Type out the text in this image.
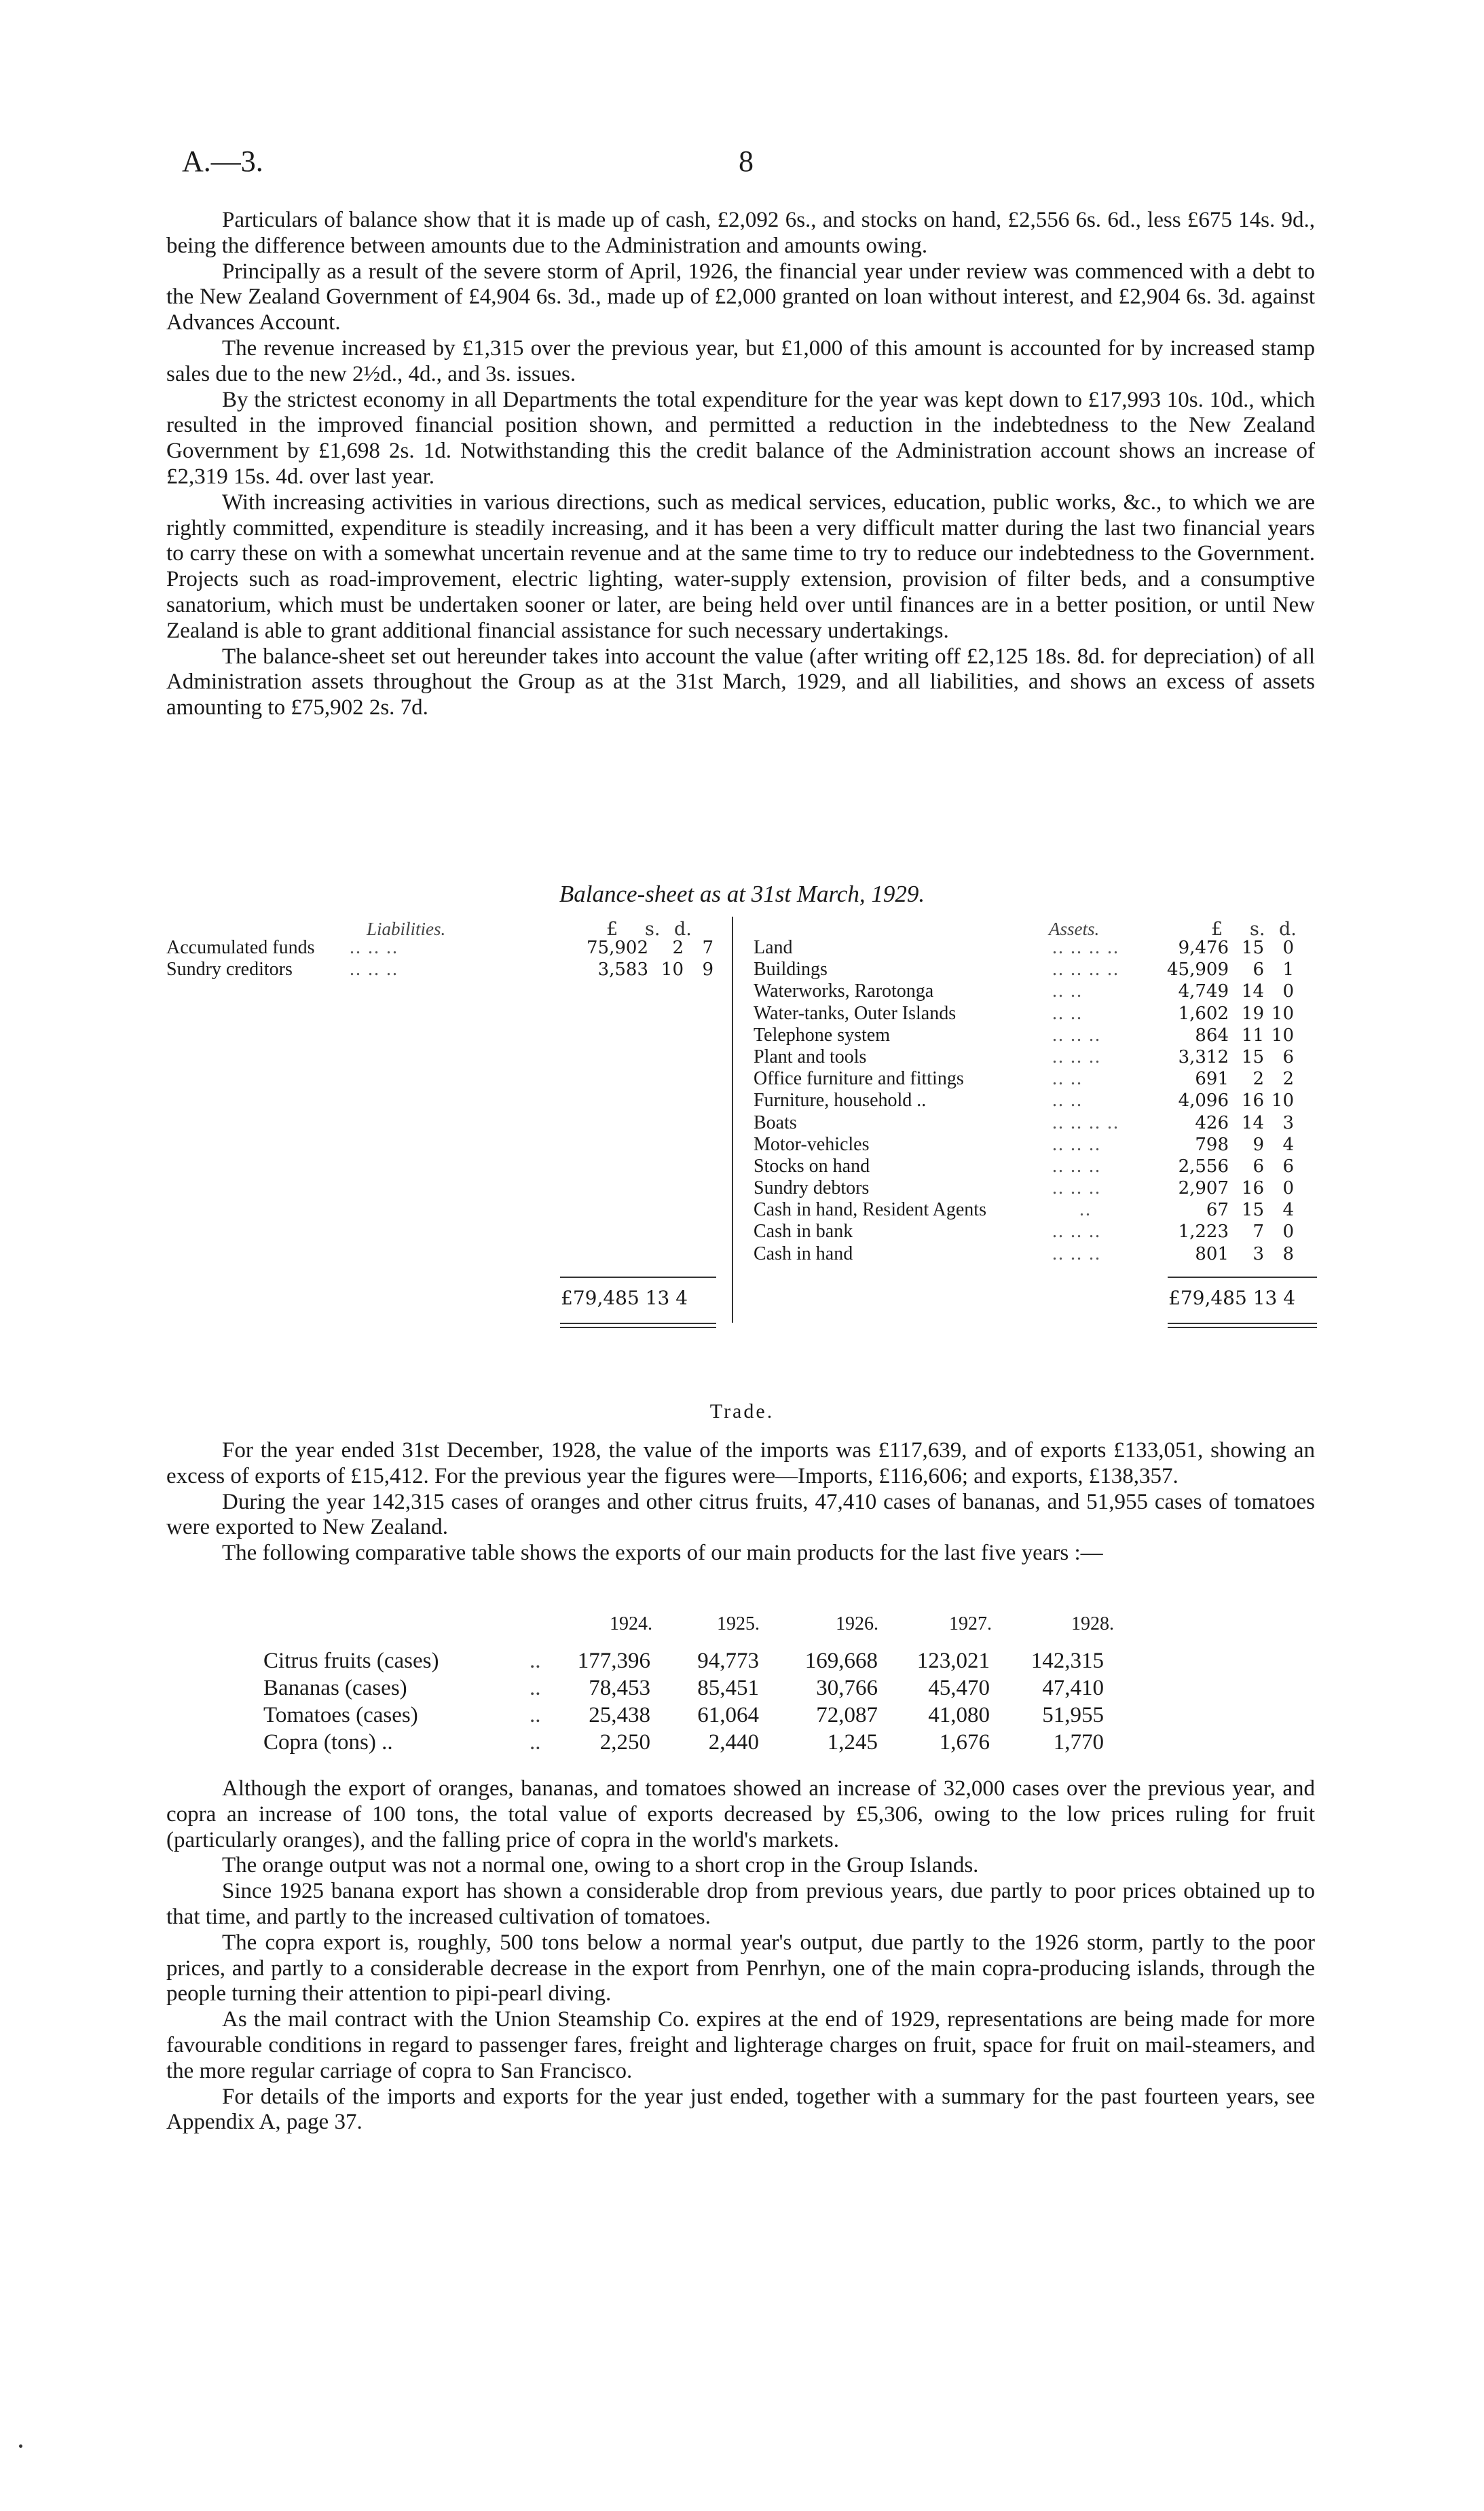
A.—3.	8

Particulars of balance show that it is made up of cash, £2,092 6s., and stocks on hand, £2,556 6s. 6d., less £675 14s. 9d., being the difference between amounts due to the Administration and amounts owing.

Principally as a result of the severe storm of April, 1926, the financial year under review was commenced with a debt to the New Zealand Government of £4,904 6s. 3d., made up of £2,000 granted on loan without interest, and £2,904 6s. 3d. against Advances Account.

The revenue increased by £1,315 over the previous year, but £1,000 of this amount is accounted for by increased stamp sales due to the new 2½d., 4d., and 3s. issues.

By the strictest economy in all Departments the total expenditure for the year was kept down to £17,993 10s. 10d., which resulted in the improved financial position shown, and permitted a reduction in the indebtedness to the New Zealand Government by £1,698 2s. 1d. Notwithstanding this the credit balance of the Administration account shows an increase of £2,319 15s. 4d. over last year.

With increasing activities in various directions, such as medical services, education, public works, &c., to which we are rightly committed, expenditure is steadily increasing, and it has been a very difficult matter during the last two financial years to carry these on with a somewhat uncertain revenue and at the same time to try to reduce our indebtedness to the Government. Projects such as road-improvement, electric lighting, water-supply extension, provision of filter beds, and a consumptive sanatorium, which must be undertaken sooner or later, are being held over until finances are in a better position, or until New Zealand is able to grant additional financial assistance for such necessary undertakings.

The balance-sheet set out hereunder takes into account the value (after writing off £2,125 18s. 8d. for depreciation) of all Administration assets throughout the Group as at the 31st March, 1929, and all liabilities, and shows an excess of assets amounting to £75,902 2s. 7d.

Balance-sheet as at 31st March, 1929.
Liabilities.	Assets.
£ s. d.	£ s. d.
Accumulated funds .. .. ..	75,902	2	7
Sundry creditors	.. .. ..	3,583 10	9
Land	.. .. .. ..	9,476 15	0
Buildings	.. .. .. ..	45,909	6	1
Waterworks, Rarotonga	.. ..	4,749 14	0
Water-tanks, Outer Islands	.. ..	1,602 19 10
Telephone system	.. .. ..	864 11 10
Plant and tools	.. .. ..	3,312 15	6
Office furniture and fittings	.. ..	691	2	2
Furniture, household ..	.. ..	4,096 16 10
Boats	.. .. .. ..	426 14	3
Motor-vehicles	.. .. ..	798	9	4
Stocks on hand	.. .. ..	2,556	6	6
Sundry debtors	.. .. ..	2,907 16	0
Cash in hand, Resident Agents	..	67 15	4
Cash in bank	.. .. ..	1,223	7	0
Cash in hand	.. .. ..	801	3	8
£79,485 13 4	£79,485 13 4
Trade.

For the year ended 31st December, 1928, the value of the imports was £117,639, and of exports £133,051, showing an excess of exports of £15,412. For the previous year the figures were—Imports, £116,606; and exports, £138,357.

During the year 142,315 cases of oranges and other citrus fruits, 47,410 cases of bananas, and 51,955 cases of tomatoes were exported to New Zealand.

The following comparative table shows the exports of our main products for the last five years :—

1924.	1925.	1926.	1927.	1928.
Citrus fruits (cases)	..	177,396	94,773	169,668	123,021	142,315
Bananas (cases)	..	78,453	85,451	30,766	45,470	47,410
Tomatoes (cases)	..	25,438	61,064	72,087	41,080	51,955
Copra (tons) ..	..	2,250	2,440	1,245	1,676	1,770

Although the export of oranges, bananas, and tomatoes showed an increase of 32,000 cases over the previous year, and copra an increase of 100 tons, the total value of exports decreased by £5,306, owing to the low prices ruling for fruit (particularly oranges), and the falling price of copra in the world's markets.

The orange output was not a normal one, owing to a short crop in the Group Islands.

Since 1925 banana export has shown a considerable drop from previous years, due partly to poor prices obtained up to that time, and partly to the increased cultivation of tomatoes.

The copra export is, roughly, 500 tons below a normal year's output, due partly to the 1926 storm, partly to the poor prices, and partly to a considerable decrease in the export from Penrhyn, one of the main copra-producing islands, through the people turning their attention to pipi-pearl diving.

As the mail contract with the Union Steamship Co. expires at the end of 1929, representations are being made for more favourable conditions in regard to passenger fares, freight and lighterage charges on fruit, space for fruit on mail-steamers, and the more regular carriage of copra to San Francisco.

For details of the imports and exports for the year just ended, together with a summary for the past fourteen years, see Appendix A, page 37.
